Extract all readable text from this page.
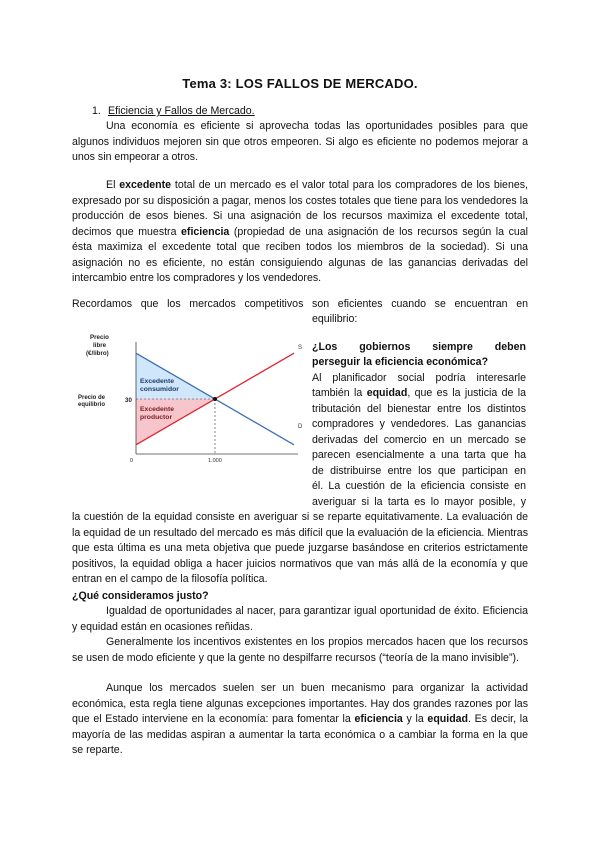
Tema 3: LOS FALLOS DE MERCADO.
1. Eficiencia y Fallos de Mercado.
Una economía es eficiente si aprovecha todas las oportunidades posibles para que algunos individuos mejoren sin que otros empeoren. Si algo es eficiente no podemos mejorar a unos sin empeorar a otros.
El excedente total de un mercado es el valor total para los compradores de los bienes, expresado por su disposición a pagar, menos los costes totales que tiene para los vendedores la producción de esos bienes. Si una asignación de los recursos maximiza el excedente total, decimos que muestra eficiencia (propiedad de una asignación de los recursos según la cual ésta maximiza el excedente total que reciben todos los miembros de la sociedad). Si una asignación no es eficiente, no están consiguiendo algunas de las ganancias derivadas del intercambio entre los compradores y los vendedores.
Recordamos que los mercados competitivos son eficientes cuando se encuentran en
equilibrio:
Precio
libre
(€/libro)
Precio de
equilibrio
30
Excedente
consumidor
Excedente
productor
S
D
0	1.000
¿Los gobiernos siempre deben
perseguir la eficiencia económica?
Al planificador social podría interesarle
también la equidad, que es la justicia de la
tributación del bienestar entre los distintos
compradores y vendedores. Las ganancias
derivadas del comercio en un mercado se
parecen esencialmente a una tarta que ha
de distribuirse entre los que participan en
él. La cuestión de la eficiencia consiste en
averiguar si la tarta es lo mayor posible, y
la cuestión de la equidad consiste en averiguar si se reparte equitativamente. La evaluación de la equidad de un resultado del mercado es más difícil que la evaluación de la eficiencia. Mientras que esta última es una meta objetiva que puede juzgarse basándose en criterios estrictamente positivos, la equidad obliga a hacer juicios normativos que van más allá de la economía y que entran en el campo de la filosofía política.
¿Qué consideramos justo?
Igualdad de oportunidades al nacer, para garantizar igual oportunidad de éxito. Eficiencia y equidad están en ocasiones reñidas.
Generalmente los incentivos existentes en los propios mercados hacen que los recursos se usen de modo eficiente y que la gente no despilfarre recursos (“teoría de la mano invisible”).
Aunque los mercados suelen ser un buen mecanismo para organizar la actividad económica, esta regla tiene algunas excepciones importantes. Hay dos grandes razones por las que el Estado interviene en la economía: para fomentar la eficiencia y la equidad. Es decir, la mayoría de las medidas aspiran a aumentar la tarta económica o a cambiar la forma en la que se reparte.
